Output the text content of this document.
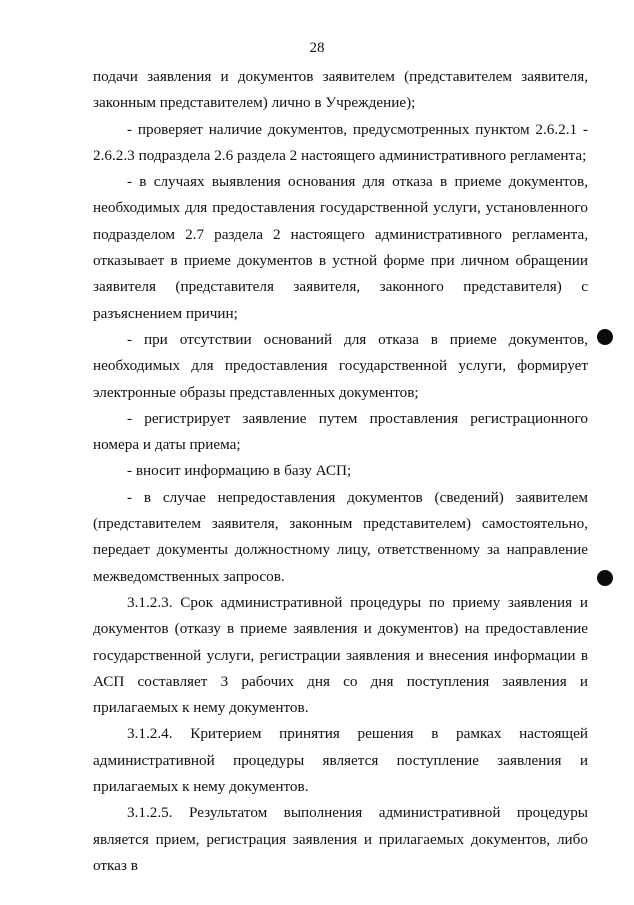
28

подачи заявления и документов заявителем (представителем заявителя, законным представителем) лично в Учреждение);

- проверяет наличие документов, предусмотренных пунктом 2.6.2.1 - 2.6.2.3 подраздела 2.6 раздела 2 настоящего административного регламента;

- в случаях выявления основания для отказа в приеме документов, необходимых для предоставления государственной услуги, установленного подразделом 2.7 раздела 2 настоящего административного регламента, отказывает в приеме документов в устной форме при личном обращении заявителя (представителя заявителя, законного представителя) с разъяснением причин;

- при отсутствии оснований для отказа в приеме документов, необходимых для предоставления государственной услуги, формирует электронные образы представленных документов;

- регистрирует заявление путем проставления регистрационного номера и даты приема;

- вносит информацию в базу АСП;

- в случае непредоставления документов (сведений) заявителем (представителем заявителя, законным представителем) самостоятельно, передает документы должностному лицу, ответственному за направление межведомственных запросов.

3.1.2.3. Срок административной процедуры по приему заявления и документов (отказу в приеме заявления и документов) на предоставление государственной услуги, регистрации заявления и внесения информации в АСП составляет 3 рабочих дня со дня поступления заявления и прилагаемых к нему документов.

3.1.2.4. Критерием принятия решения в рамках настоящей административной процедуры является поступление заявления и прилагаемых к нему документов.

3.1.2.5. Результатом выполнения административной процедуры является прием, регистрация заявления и прилагаемых документов, либо отказ в
